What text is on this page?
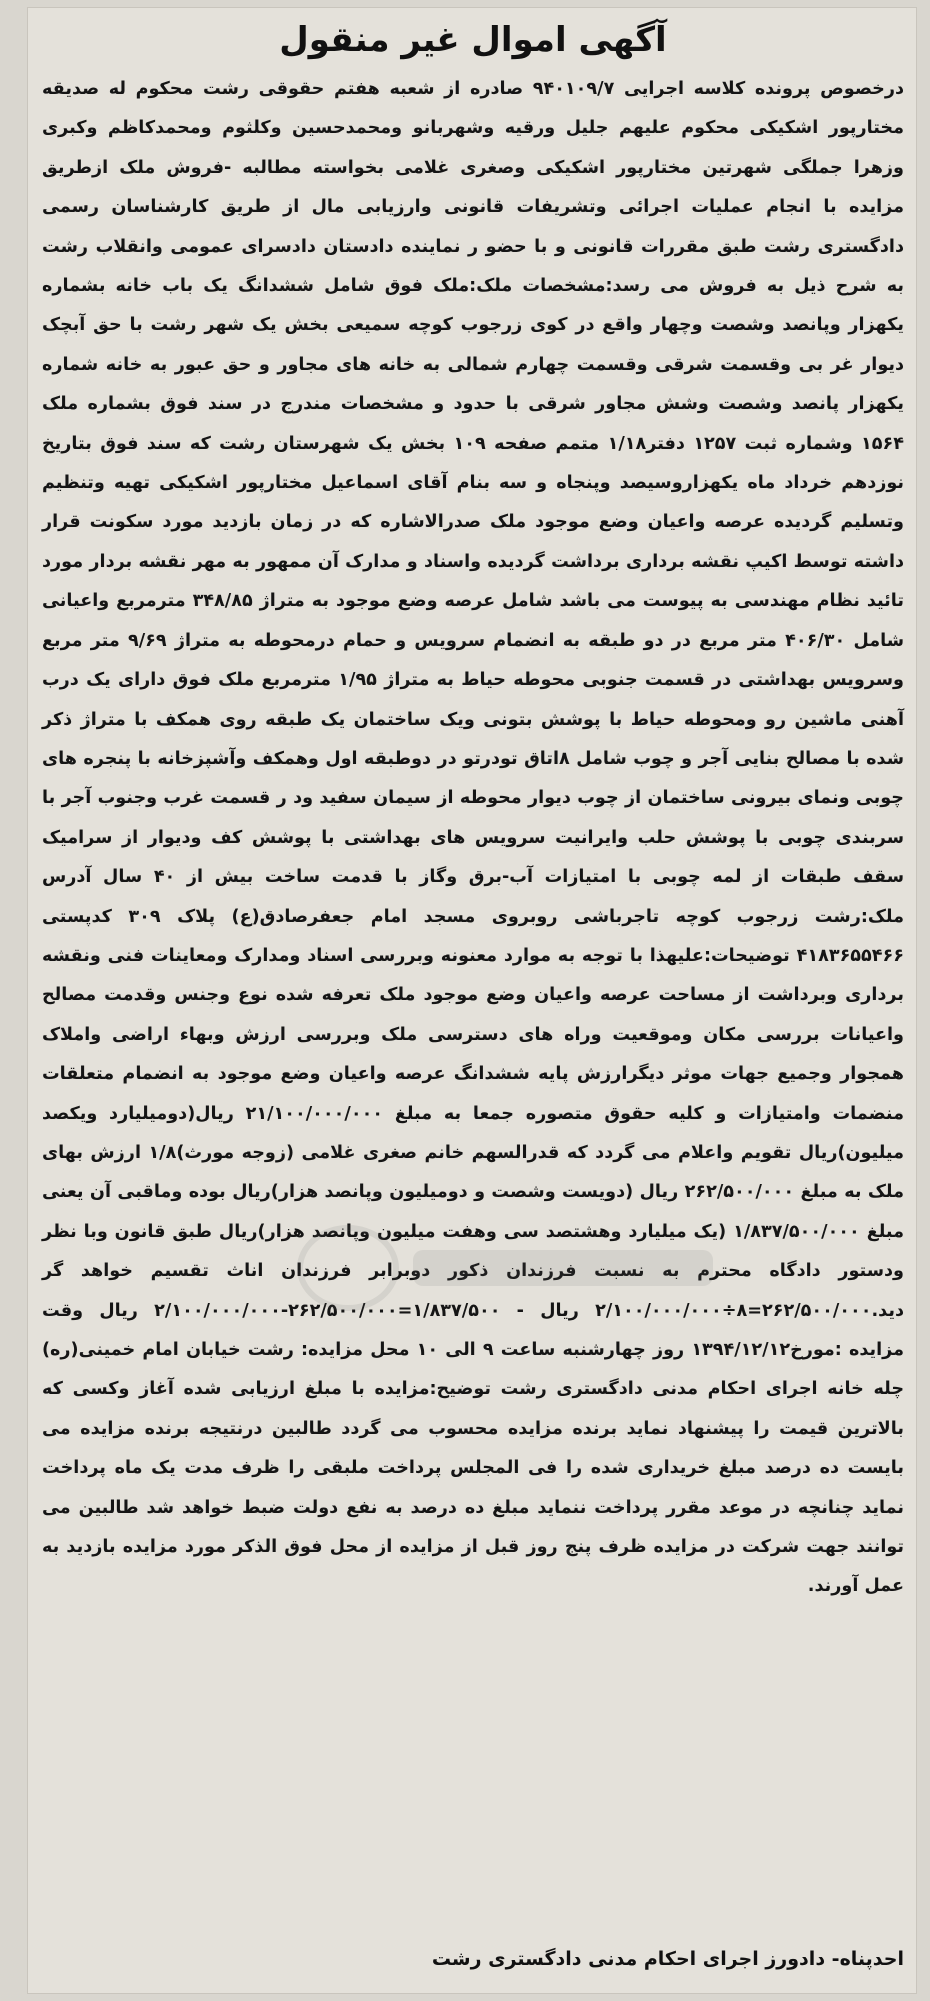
آگهی اموال غیر منقول

درخصوص پرونده کلاسه اجرایی ۹۴۰۱۰۹/۷ صادره از شعبه هفتم حقوقی رشت محکوم له صدیقه مختارپور اشکیکی محکوم علیهم جلیل ورقیه وشهربانو ومحمدحسین وکلثوم ومحمدکاظم وکبری وزهرا جملگی شهرتین مختارپور اشکیکی وصغری غلامی بخواسته مطالبه -فروش ملک ازطریق مزایده با انجام عملیات اجرائی وتشریفات قانونی وارزیابی مال از طریق کارشناسان رسمی دادگستری رشت طبق مقررات قانونی و با حضو ر نماینده دادستان دادسرای عمومی وانقلاب رشت به شرح ذیل به فروش می رسد:مشخصات ملک:ملک فوق شامل ششدانگ یک باب خانه بشماره یکهزار وپانصد وشصت وچهار واقع در کوی زرجوب کوچه سمیعی بخش یک شهر رشت با حق آبچک دیوار غر بی وقسمت شرقی وقسمت چهارم شمالی به خانه های مجاور و حق عبور به خانه شماره یکهزار پانصد وشصت وشش مجاور شرقی با حدود و مشخصات مندرج در سند فوق بشماره ملک ۱۵۶۴ وشماره ثبت ۱۲۵۷ دفتر۱/۱۸ متمم صفحه ۱۰۹ بخش یک شهرستان رشت که سند فوق بتاریخ نوزدهم خرداد ماه یکهزاروسیصد وپنجاه و سه بنام آقای اسماعیل مختارپور اشکیکی تهیه وتنظیم وتسلیم گردیده عرصه واعیان وضع موجود ملک صدرالاشاره که در زمان بازدید مورد سکونت قرار داشته توسط اکیپ نقشه برداری برداشت گردیده واسناد و مدارک آن ممهور به مهر نقشه بردار مورد تائید نظام مهندسی به پیوست می باشد شامل عرصه وضع موجود به متراژ ۳۴۸/۸۵ مترمربع واعیانی شامل ۴۰۶/۳۰ متر مربع در دو طبقه به انضمام سرویس و حمام درمحوطه به متراژ ۹/۶۹ متر مربع وسرویس بهداشتی در قسمت جنوبی محوطه حیاط به متراژ ۱/۹۵ مترمربع ملک فوق دارای یک درب آهنی ماشین رو ومحوطه حیاط با پوشش بتونی ویک ساختمان یک طبقه روی همکف با متراژ ذکر شده با مصالح بنایی آجر و چوب شامل ۸اتاق تودرتو در دوطبقه اول وهمکف وآشپزخانه با پنجره های چوبی ونمای بیرونی ساختمان از چوب دیوار محوطه از سیمان سفید ود ر قسمت غرب وجنوب آجر با سربندی چوبی با پوشش حلب وایرانیت سرویس های بهداشتی با پوشش کف ودیوار از سرامیک سقف طبقات از لمه چوبی با امتیازات آب-برق وگاز با قدمت ساخت بیش از ۴۰ سال آدرس ملک:رشت زرجوب کوچه تاجرباشی روبروی مسجد امام جعفرصادق(ع) پلاک ۳۰۹ کدپستی ۴۱۸۳۶۵۵۴۶۶ توضیحات:علیهذا با توجه به موارد معنونه وبررسی اسناد ومدارک ومعاینات فنی ونقشه برداری وبرداشت از مساحت عرصه واعیان وضع موجود ملک تعرفه شده نوع وجنس وقدمت مصالح واعیانات بررسی مکان وموقعیت وراه های دسترسی ملک وبررسی ارزش وبهاء اراضی واملاک همجوار وجمیع جهات موثر دیگرارزش پایه ششدانگ عرصه واعیان وضع موجود به انضمام متعلقات منضمات وامتیازات و کلیه حقوق متصوره جمعا به مبلغ ۲۱/۱۰۰/۰۰۰/۰۰۰ ریال(دومیلیارد ویکصد میلیون)ریال تقویم واعلام می گردد که قدرالسهم خانم صغری غلامی (زوجه مورث)۱/۸ ارزش بهای ملک به مبلغ ۲۶۲/۵۰۰/۰۰۰ ریال (دویست وشصت و دومیلیون وپانصد هزار)ریال بوده وماقبی آن یعنی مبلغ ۱/۸۳۷/۵۰۰/۰۰۰ (یک میلیارد وهشتصد سی وهفت میلیون وپانصد هزار)ریال طبق قانون وبا نظر ودستور دادگاه محترم به نسبت فرزندان ذکور دوبرابر فرزندان اناث تقسیم خواهد گر دید.۲۶۲/۵۰۰/۰۰۰=۸÷۲/۱۰۰/۰۰۰/۰۰۰ ریال - ۱/۸۳۷/۵۰۰=۲۶۲/۵۰۰/۰۰۰-۲/۱۰۰/۰۰۰/۰۰۰ ریال وقت مزایده :مورخ۱۳۹۴/۱۲/۱۲ روز چهارشنبه ساعت ۹ الی ۱۰ محل مزایده: رشت خیابان امام خمینی(ره) چله خانه اجرای احکام مدنی دادگستری رشت توضیح:مزایده با مبلغ ارزیابی شده آغاز وکسی که بالاترین قیمت را پیشنهاد نماید برنده مزایده محسوب می گردد طالبین درنتیجه برنده مزایده می بایست ده درصد مبلغ خریداری شده را فی المجلس پرداخت ملبقی را ظرف مدت یک ماه پرداخت نماید چنانچه در موعد مقرر پرداخت ننماید مبلغ ده درصد به نفع دولت ضبط خواهد شد طالبین می توانند جهت شرکت در مزایده ظرف پنج روز قبل از مزایده از محل فوق الذکر مورد مزایده بازدید به عمل آورند.

احدپناه- دادورز اجرای احکام مدنی دادگستری رشت
